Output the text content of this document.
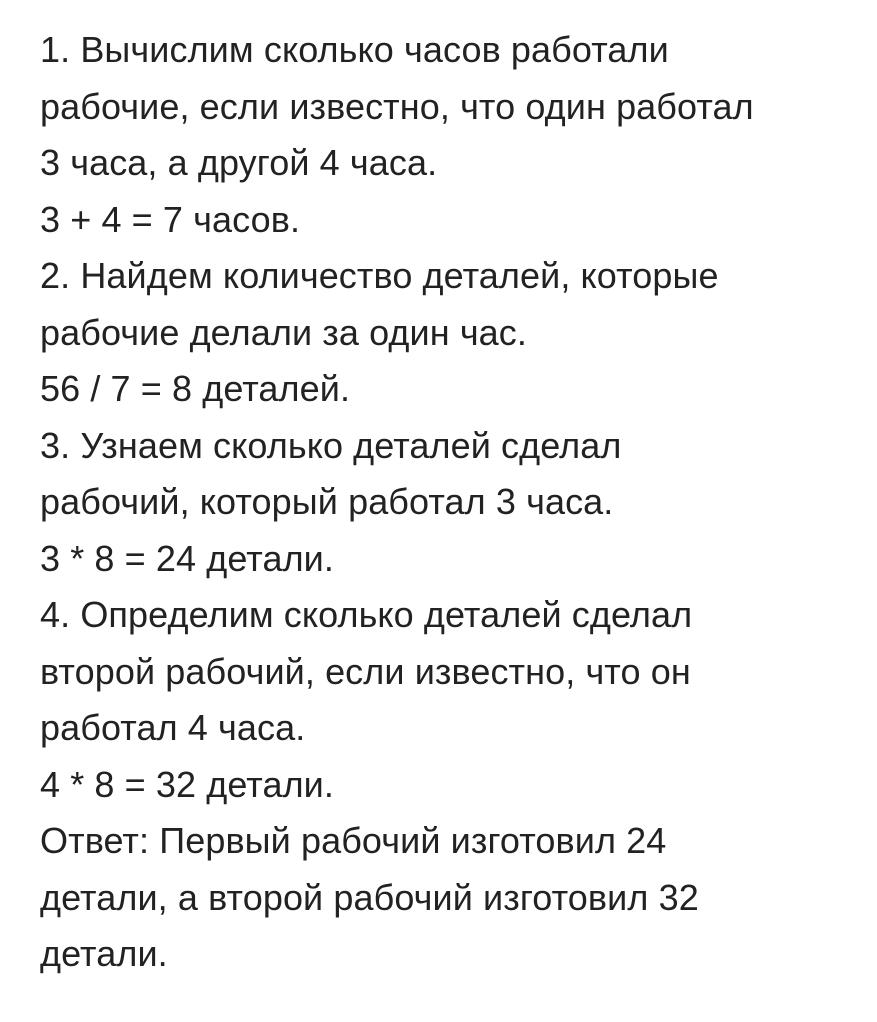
1. Вычислим сколько часов работали
рабочие, если известно, что один работал
3 часа, а другой 4 часа.
3 + 4 = 7 часов.
2. Найдем количество деталей, которые
рабочие делали за один час.
56 / 7 = 8 деталей.
3. Узнаем сколько деталей сделал
рабочий, который работал 3 часа.
3 * 8 = 24 детали.
4. Определим сколько деталей сделал
второй рабочий, если известно, что он
работал 4 часа.
4 * 8 = 32 детали.
Ответ: Первый рабочий изготовил 24
детали, а второй рабочий изготовил 32
детали.
